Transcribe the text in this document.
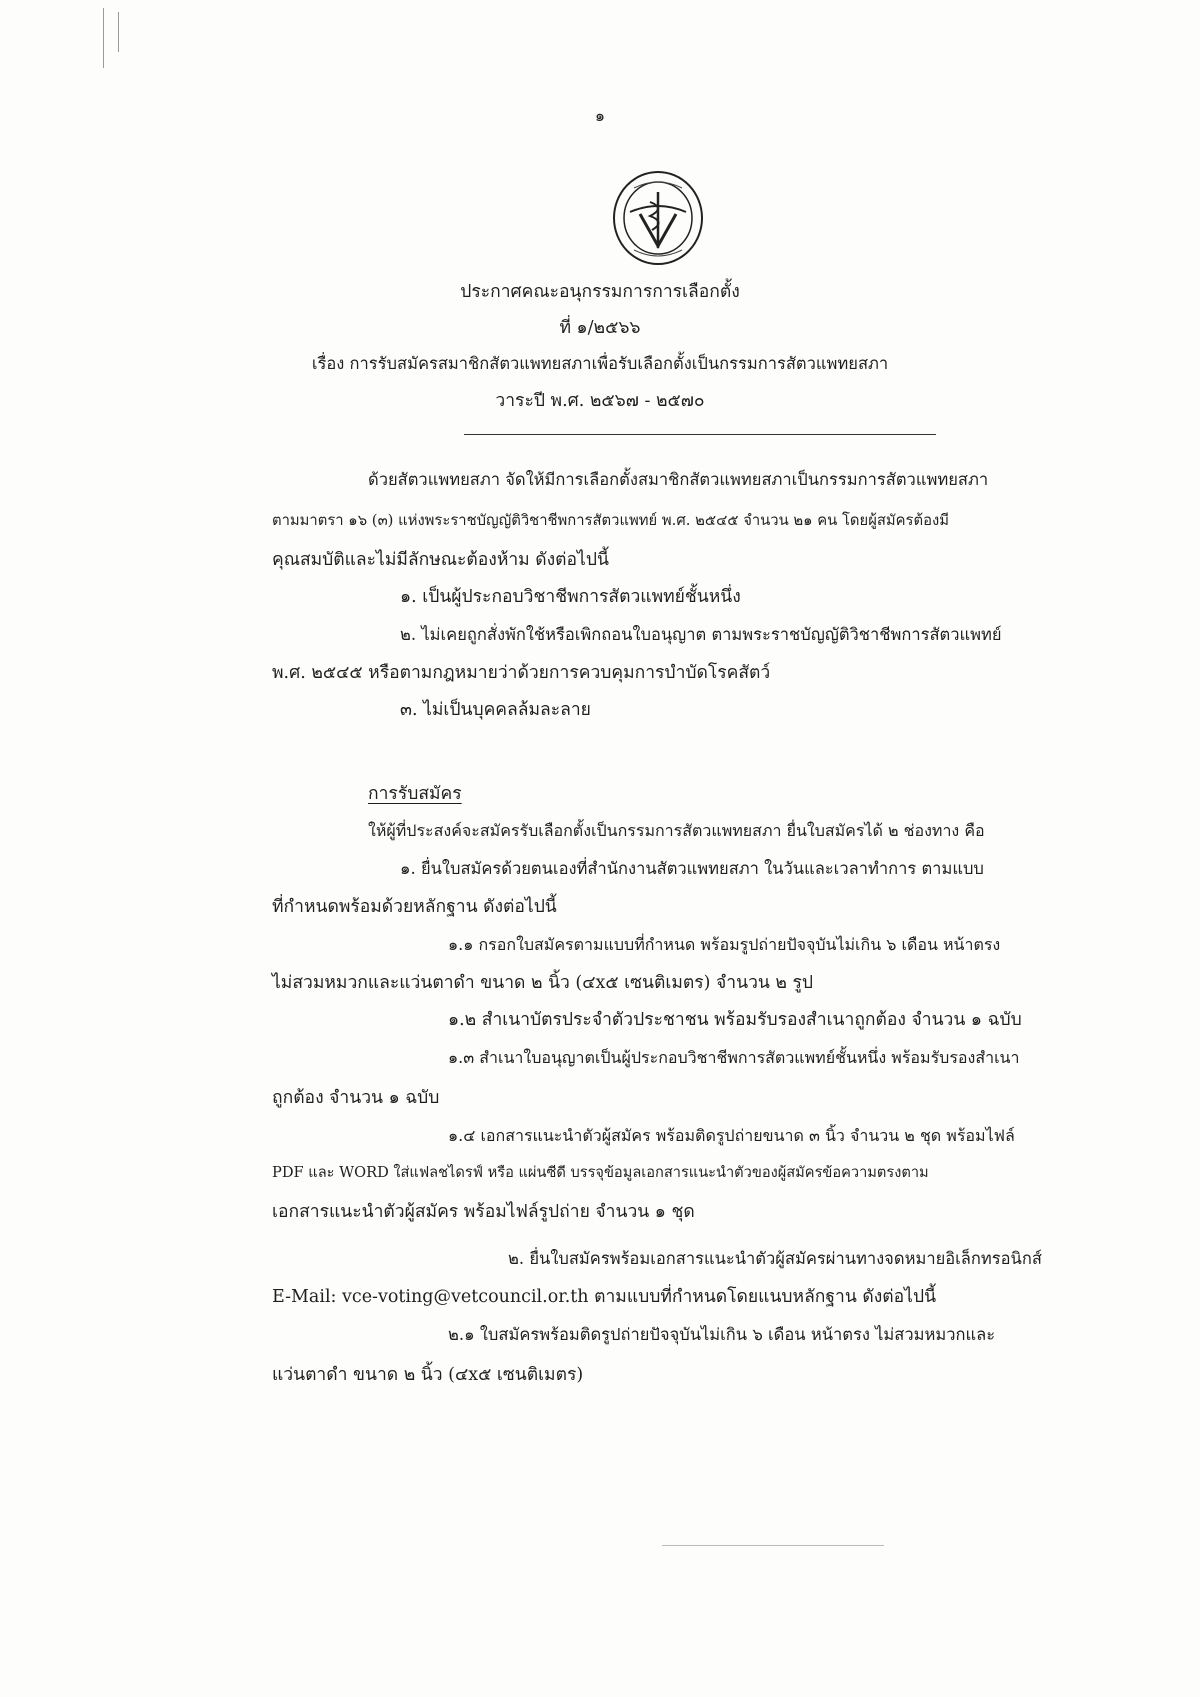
๑
ประกาศคณะอนุกรรมการการเลือกตั้ง
ที่ ๑/๒๕๖๖
เรื่อง การรับสมัครสมาชิกสัตวแพทยสภาเพื่อรับเลือกตั้งเป็นกรรมการสัตวแพทยสภา
วาระปี พ.ศ. ๒๕๖๗ - ๒๕๗๐
ด้วยสัตวแพทยสภา จัดให้มีการเลือกตั้งสมาชิกสัตวแพทยสภาเป็นกรรมการสัตวแพทยสภา
ตามมาตรา ๑๖ (๓) แห่งพระราชบัญญัติวิชาชีพการสัตวแพทย์ พ.ศ. ๒๕๔๕ จำนวน ๒๑ คน โดยผู้สมัครต้องมี
คุณสมบัติและไม่มีลักษณะต้องห้าม ดังต่อไปนี้
๑. เป็นผู้ประกอบวิชาชีพการสัตวแพทย์ชั้นหนึ่ง
๒. ไม่เคยถูกสั่งพักใช้หรือเพิกถอนใบอนุญาต ตามพระราชบัญญัติวิชาชีพการสัตวแพทย์
พ.ศ. ๒๕๔๕ หรือตามกฎหมายว่าด้วยการควบคุมการบำบัดโรคสัตว์
๓. ไม่เป็นบุคคลล้มละลาย
การรับสมัคร
ให้ผู้ที่ประสงค์จะสมัครรับเลือกตั้งเป็นกรรมการสัตวแพทยสภา ยื่นใบสมัครได้ ๒ ช่องทาง คือ
๑. ยื่นใบสมัครด้วยตนเองที่สำนักงานสัตวแพทยสภา ในวันและเวลาทำการ ตามแบบ
ที่กำหนดพร้อมด้วยหลักฐาน ดังต่อไปนี้
๑.๑ กรอกใบสมัครตามแบบที่กำหนด พร้อมรูปถ่ายปัจจุบันไม่เกิน ๖ เดือน หน้าตรง
ไม่สวมหมวกและแว่นตาดำ ขนาด ๒ นิ้ว (๔x๕ เซนติเมตร) จำนวน ๒ รูป
๑.๒ สำเนาบัตรประจำตัวประชาชน พร้อมรับรองสำเนาถูกต้อง จำนวน ๑ ฉบับ
๑.๓ สำเนาใบอนุญาตเป็นผู้ประกอบวิชาชีพการสัตวแพทย์ชั้นหนึ่ง พร้อมรับรองสำเนา
ถูกต้อง จำนวน ๑ ฉบับ
๑.๔ เอกสารแนะนำตัวผู้สมัคร พร้อมติดรูปถ่ายขนาด ๓ นิ้ว จำนวน ๒ ชุด พร้อมไฟล์
PDF และ WORD ใส่แฟลชไดรฟ์ หรือ แผ่นซีดี บรรจุข้อมูลเอกสารแนะนำตัวของผู้สมัครข้อความตรงตาม
เอกสารแนะนำตัวผู้สมัคร พร้อมไฟล์รูปถ่าย จำนวน ๑ ชุด
๒. ยื่นใบสมัครพร้อมเอกสารแนะนำตัวผู้สมัครผ่านทางจดหมายอิเล็กทรอนิกส์
E-Mail: vce-voting@vetcouncil.or.th ตามแบบที่กำหนดโดยแนบหลักฐาน ดังต่อไปนี้
๒.๑ ใบสมัครพร้อมติดรูปถ่ายปัจจุบันไม่เกิน ๖ เดือน หน้าตรง ไม่สวมหมวกและ
แว่นตาดำ ขนาด ๒ นิ้ว (๔x๕ เซนติเมตร)
